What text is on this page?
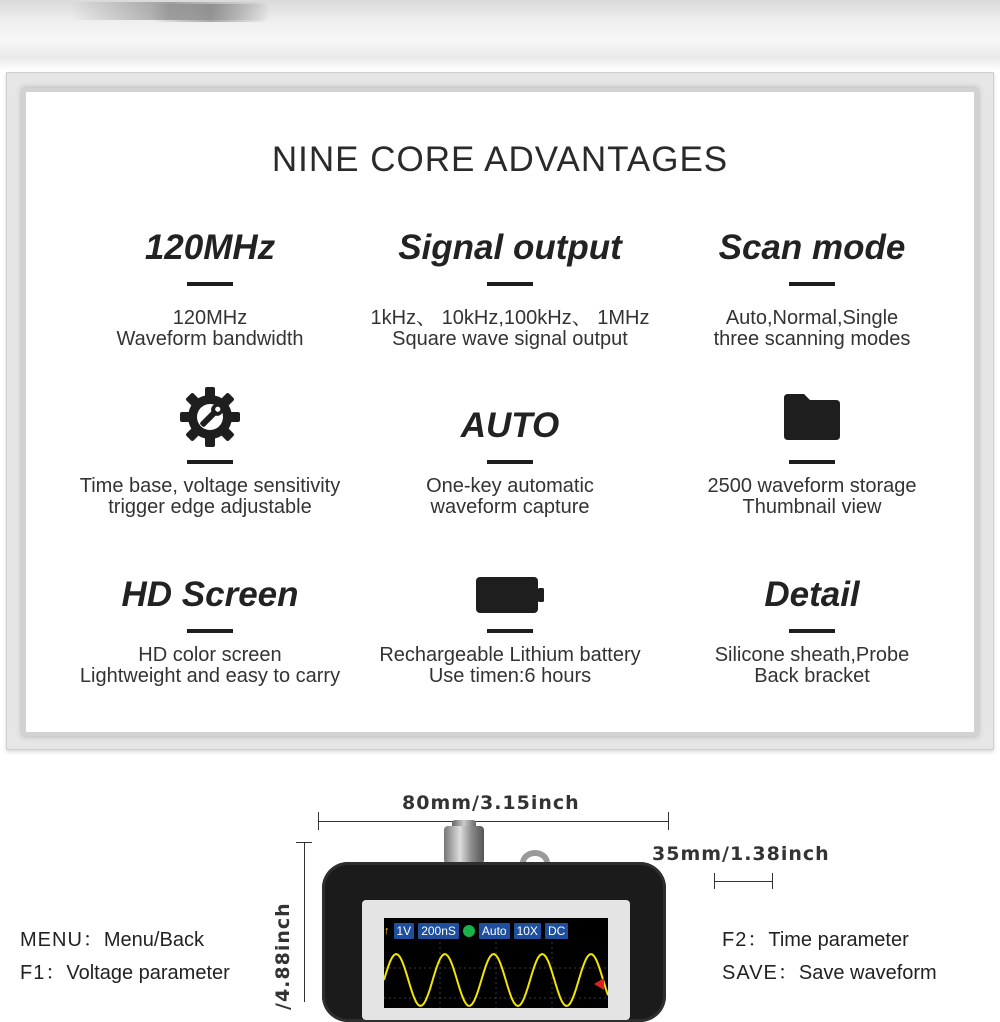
NINE CORE ADVANTAGES
120MHz
120MHz
Waveform bandwidth
Signal output
1kHz、 10kHz,100kHz、 1MHz
Square wave signal output
Scan mode
Auto,Normal,Single
three scanning modes
Time base, voltage sensitivity
trigger edge adjustable
AUTO
One-key automatic
waveform capture
2500 waveform storage
Thumbnail view
HD Screen
HD color screen
Lightweight and easy to carry
Rechargeable Lithium battery
Use timen:6 hours
Detail
Silicone sheath,Probe
Back bracket
80mm/3.15inch
35mm/1.38inch
/4.88inch
MENU：Menu/Back
F1：Voltage parameter
F2：Time parameter
SAVE：Save waveform
↑ 1V 200nS Auto 10X DC
